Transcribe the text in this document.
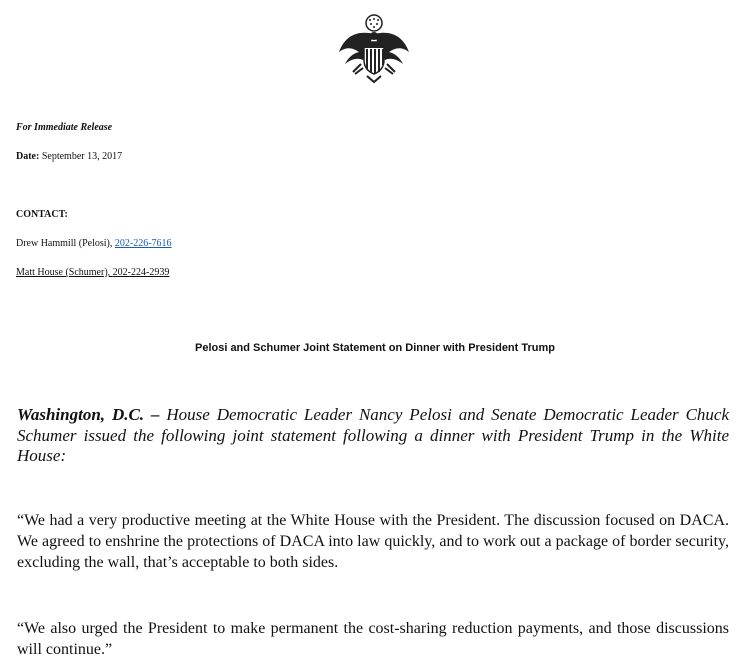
For Immediate Release
Date: September 13, 2017
CONTACT:
Drew Hammill (Pelosi), 202-226-7616
Matt House (Schumer), 202-224-2939
Pelosi and Schumer Joint Statement on Dinner with President Trump
Washington, D.C. – House Democratic Leader Nancy Pelosi and Senate Democratic Leader Chuck Schumer issued the following joint statement following a dinner with President Trump in the White House:
“We had a very productive meeting at the White House with the President. The discussion focused on DACA. We agreed to enshrine the protections of DACA into law quickly, and to work out a package of border security, excluding the wall, that’s acceptable to both sides.
“We also urged the President to make permanent the cost-sharing reduction payments, and those discussions will continue.”
